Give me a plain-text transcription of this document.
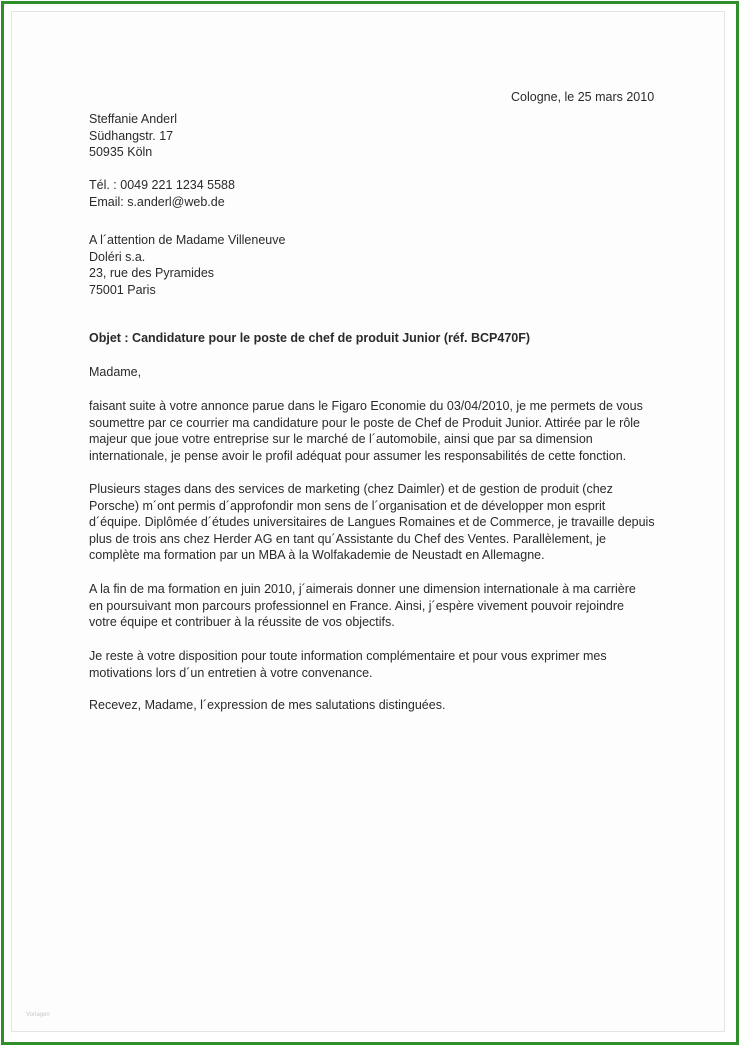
Cologne, le 25 mars 2010
Steffanie Anderl
Südhangstr. 17
50935 Köln
Tél. : 0049 221 1234 5588
Email: s.anderl@web.de
A l´attention de Madame Villeneuve
Doléri s.a.
23, rue des Pyramides
75001 Paris
Objet : Candidature pour le poste de chef de produit Junior (réf. BCP470F)
Madame,
faisant suite à votre annonce parue dans le Figaro Economie du 03/04/2010, je me permets de vous
soumettre par ce courrier ma candidature pour le poste de Chef de Produit Junior. Attirée par le rôle
majeur que joue votre entreprise sur le marché de l´automobile, ainsi que par sa dimension
internationale, je pense avoir le profil adéquat pour assumer les responsabilités de cette fonction.
Plusieurs stages dans des services de marketing (chez Daimler) et de gestion de produit (chez
Porsche) m´ont permis d´approfondir mon sens de l´organisation et de développer mon esprit
d´équipe. Diplômée d´études universitaires de Langues Romaines et de Commerce, je travaille depuis
plus de trois ans chez Herder AG en tant qu´Assistante du Chef des Ventes. Parallèlement, je
complète ma formation par un MBA à la Wolfakademie de Neustadt en Allemagne.
A la fin de ma formation en juin 2010, j´aimerais donner une dimension internationale à ma carrière
en poursuivant mon parcours professionnel en France. Ainsi, j´espère vivement pouvoir rejoindre
votre équipe et contribuer à la réussite de vos objectifs.
Je reste à votre disposition pour toute information complémentaire et pour vous exprimer mes
motivations lors d´un entretien à votre convenance.
Recevez, Madame, l´expression de mes salutations distinguées.
Vorlagen
